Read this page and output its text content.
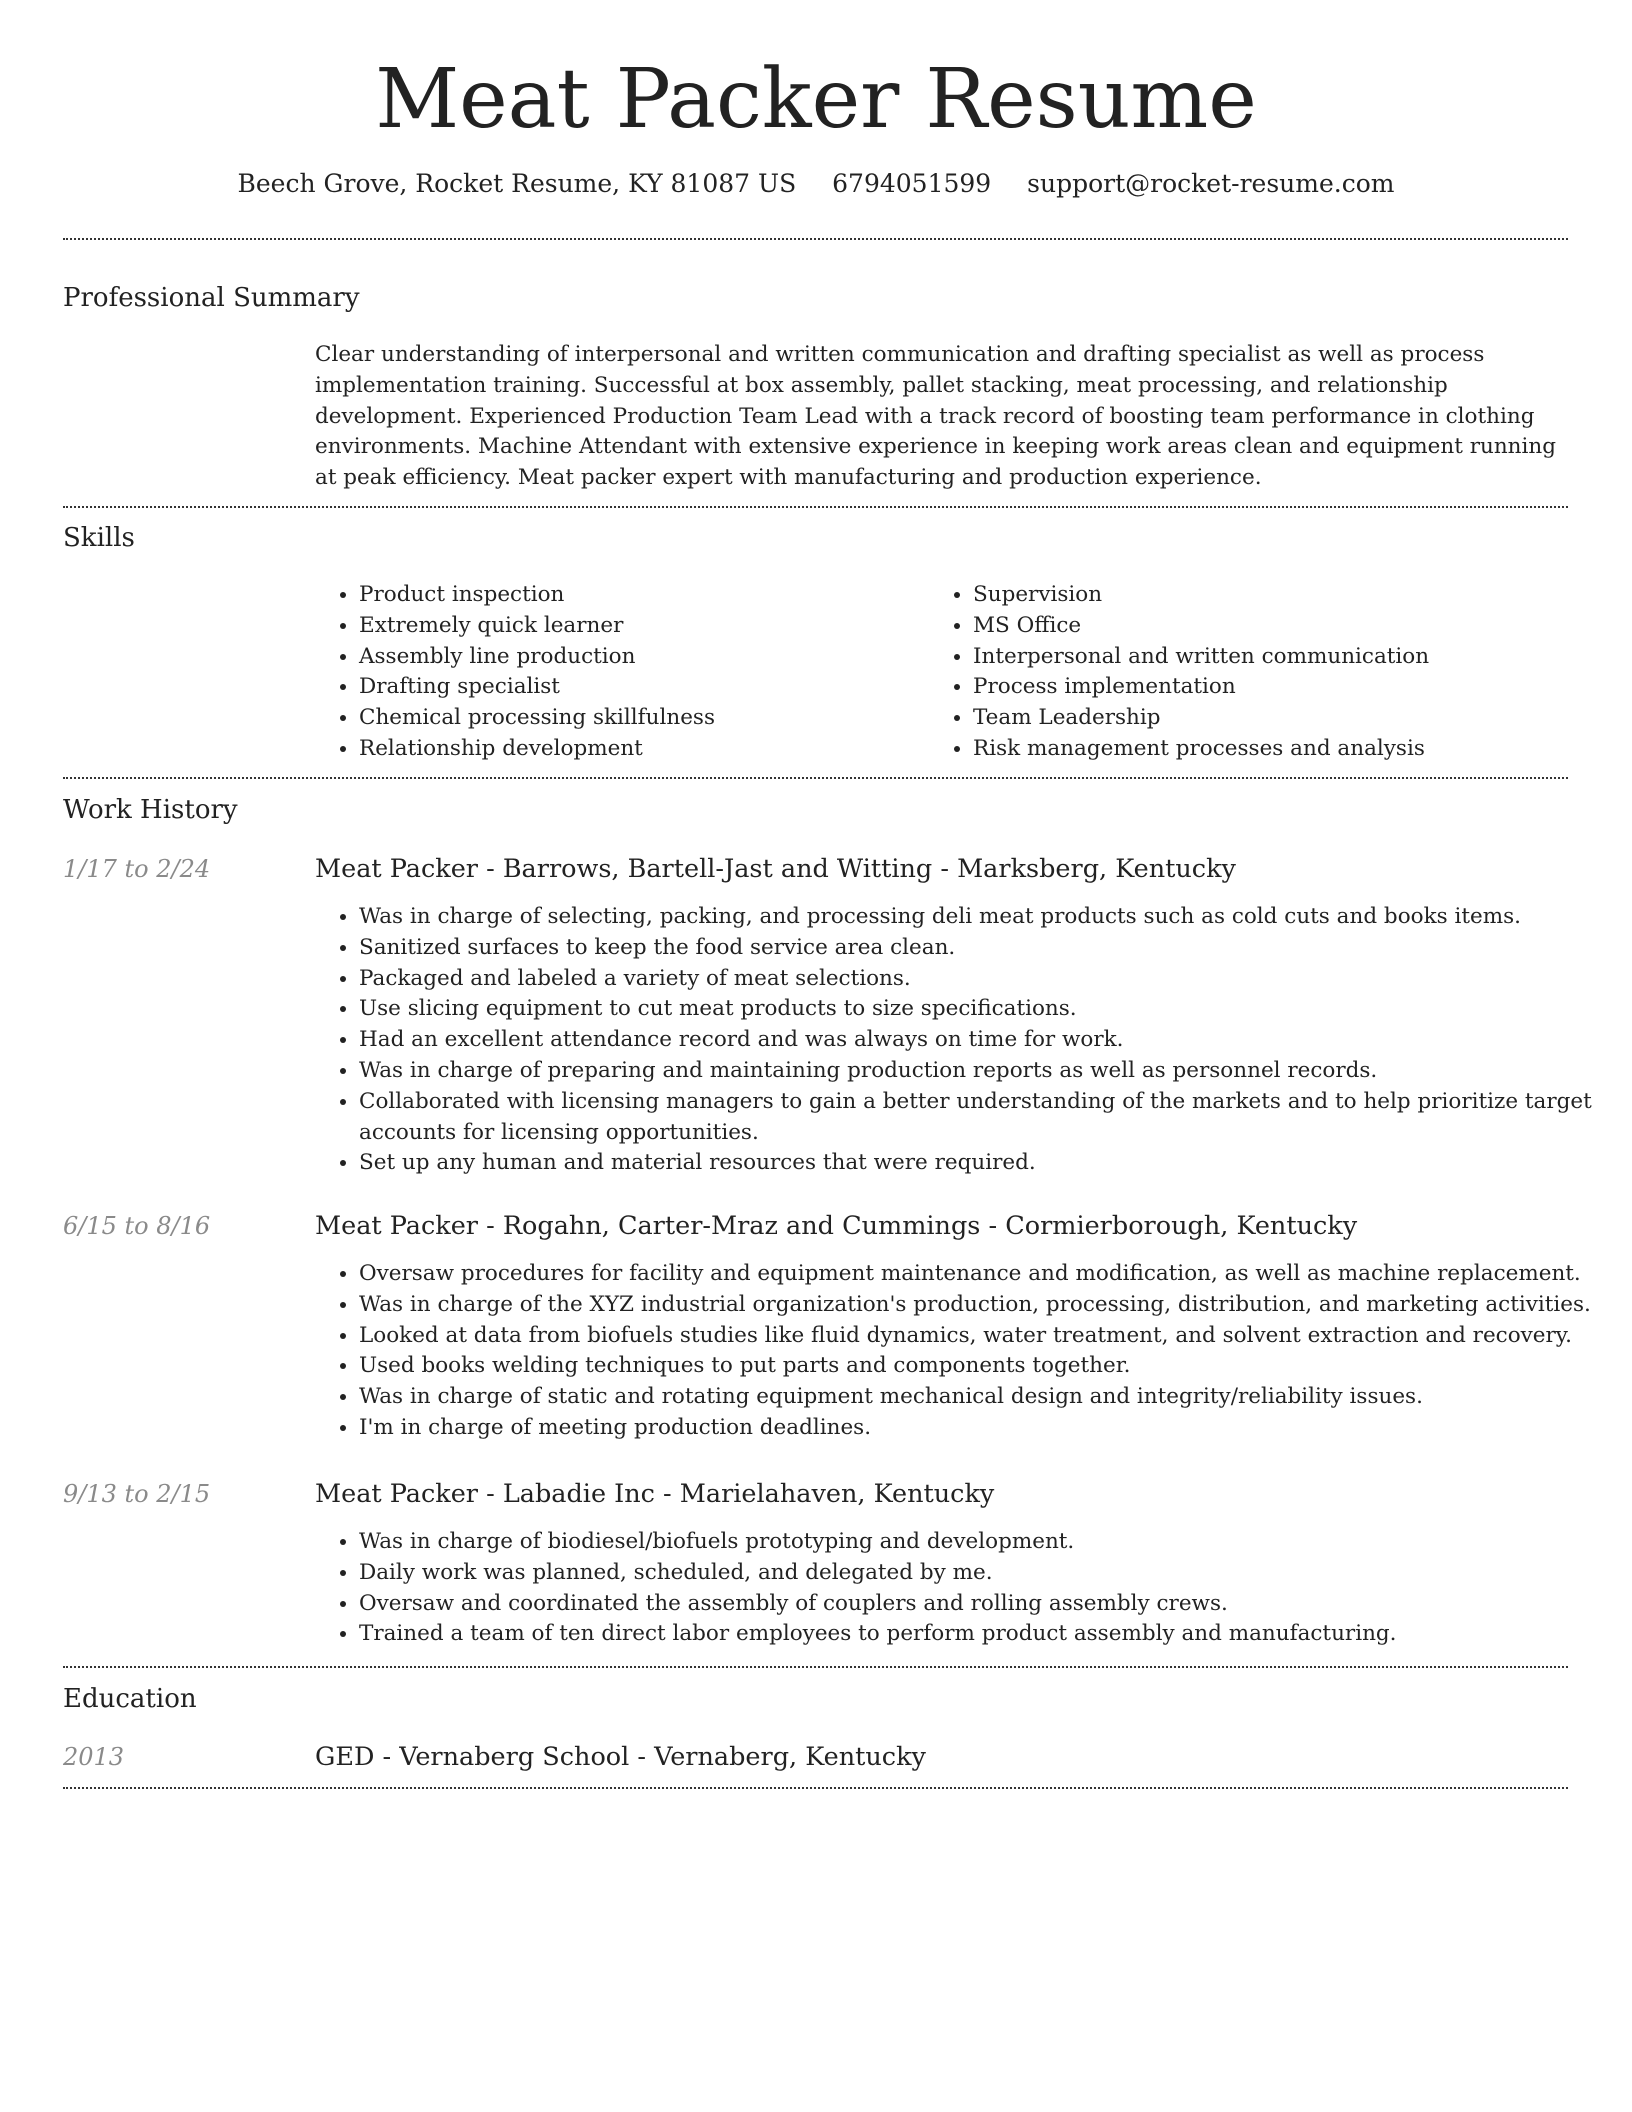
Meat Packer Resume
Beech Grove, Rocket Resume, KY 81087 US 6794051599 support@rocket-resume.com
Professional Summary

Clear understanding of interpersonal and written communication and drafting specialist as well as process implementation training. Successful at box assembly, pallet stacking, meat processing, and relationship development. Experienced Production Team Lead with a track record of boosting team performance in clothing environments. Machine Attendant with extensive experience in keeping work areas clean and equipment running at peak efficiency. Meat packer expert with manufacturing and production experience.

Skills
• Product inspection
• Extremely quick learner
• Assembly line production
• Drafting specialist
• Chemical processing skillfulness
• Relationship development
• Supervision
• MS Office
• Interpersonal and written communication
• Process implementation
• Team Leadership
• Risk management processes and analysis
Work History
1/17 to 2/24	Meat Packer - Barrows, Bartell-Jast and Witting - Marksberg, Kentucky
• Was in charge of selecting, packing, and processing deli meat products such as cold cuts and books items.
• Sanitized surfaces to keep the food service area clean.
• Packaged and labeled a variety of meat selections.
• Use slicing equipment to cut meat products to size specifications.
• Had an excellent attendance record and was always on time for work.
• Was in charge of preparing and maintaining production reports as well as personnel records.
• Collaborated with licensing managers to gain a better understanding of the markets and to help prioritize target accounts for licensing opportunities.
• Set up any human and material resources that were required.
6/15 to 8/16	Meat Packer - Rogahn, Carter-Mraz and Cummings - Cormierborough, Kentucky
• Oversaw procedures for facility and equipment maintenance and modification, as well as machine replacement.
• Was in charge of the XYZ industrial organization's production, processing, distribution, and marketing activities.
• Looked at data from biofuels studies like fluid dynamics, water treatment, and solvent extraction and recovery.
• Used books welding techniques to put parts and components together.
• Was in charge of static and rotating equipment mechanical design and integrity/reliability issues.
• I'm in charge of meeting production deadlines.
9/13 to 2/15	Meat Packer - Labadie Inc - Marielahaven, Kentucky
• Was in charge of biodiesel/biofuels prototyping and development.
• Daily work was planned, scheduled, and delegated by me.
• Oversaw and coordinated the assembly of couplers and rolling assembly crews.
• Trained a team of ten direct labor employees to perform product assembly and manufacturing.
Education
2013	GED - Vernaberg School - Vernaberg, Kentucky
